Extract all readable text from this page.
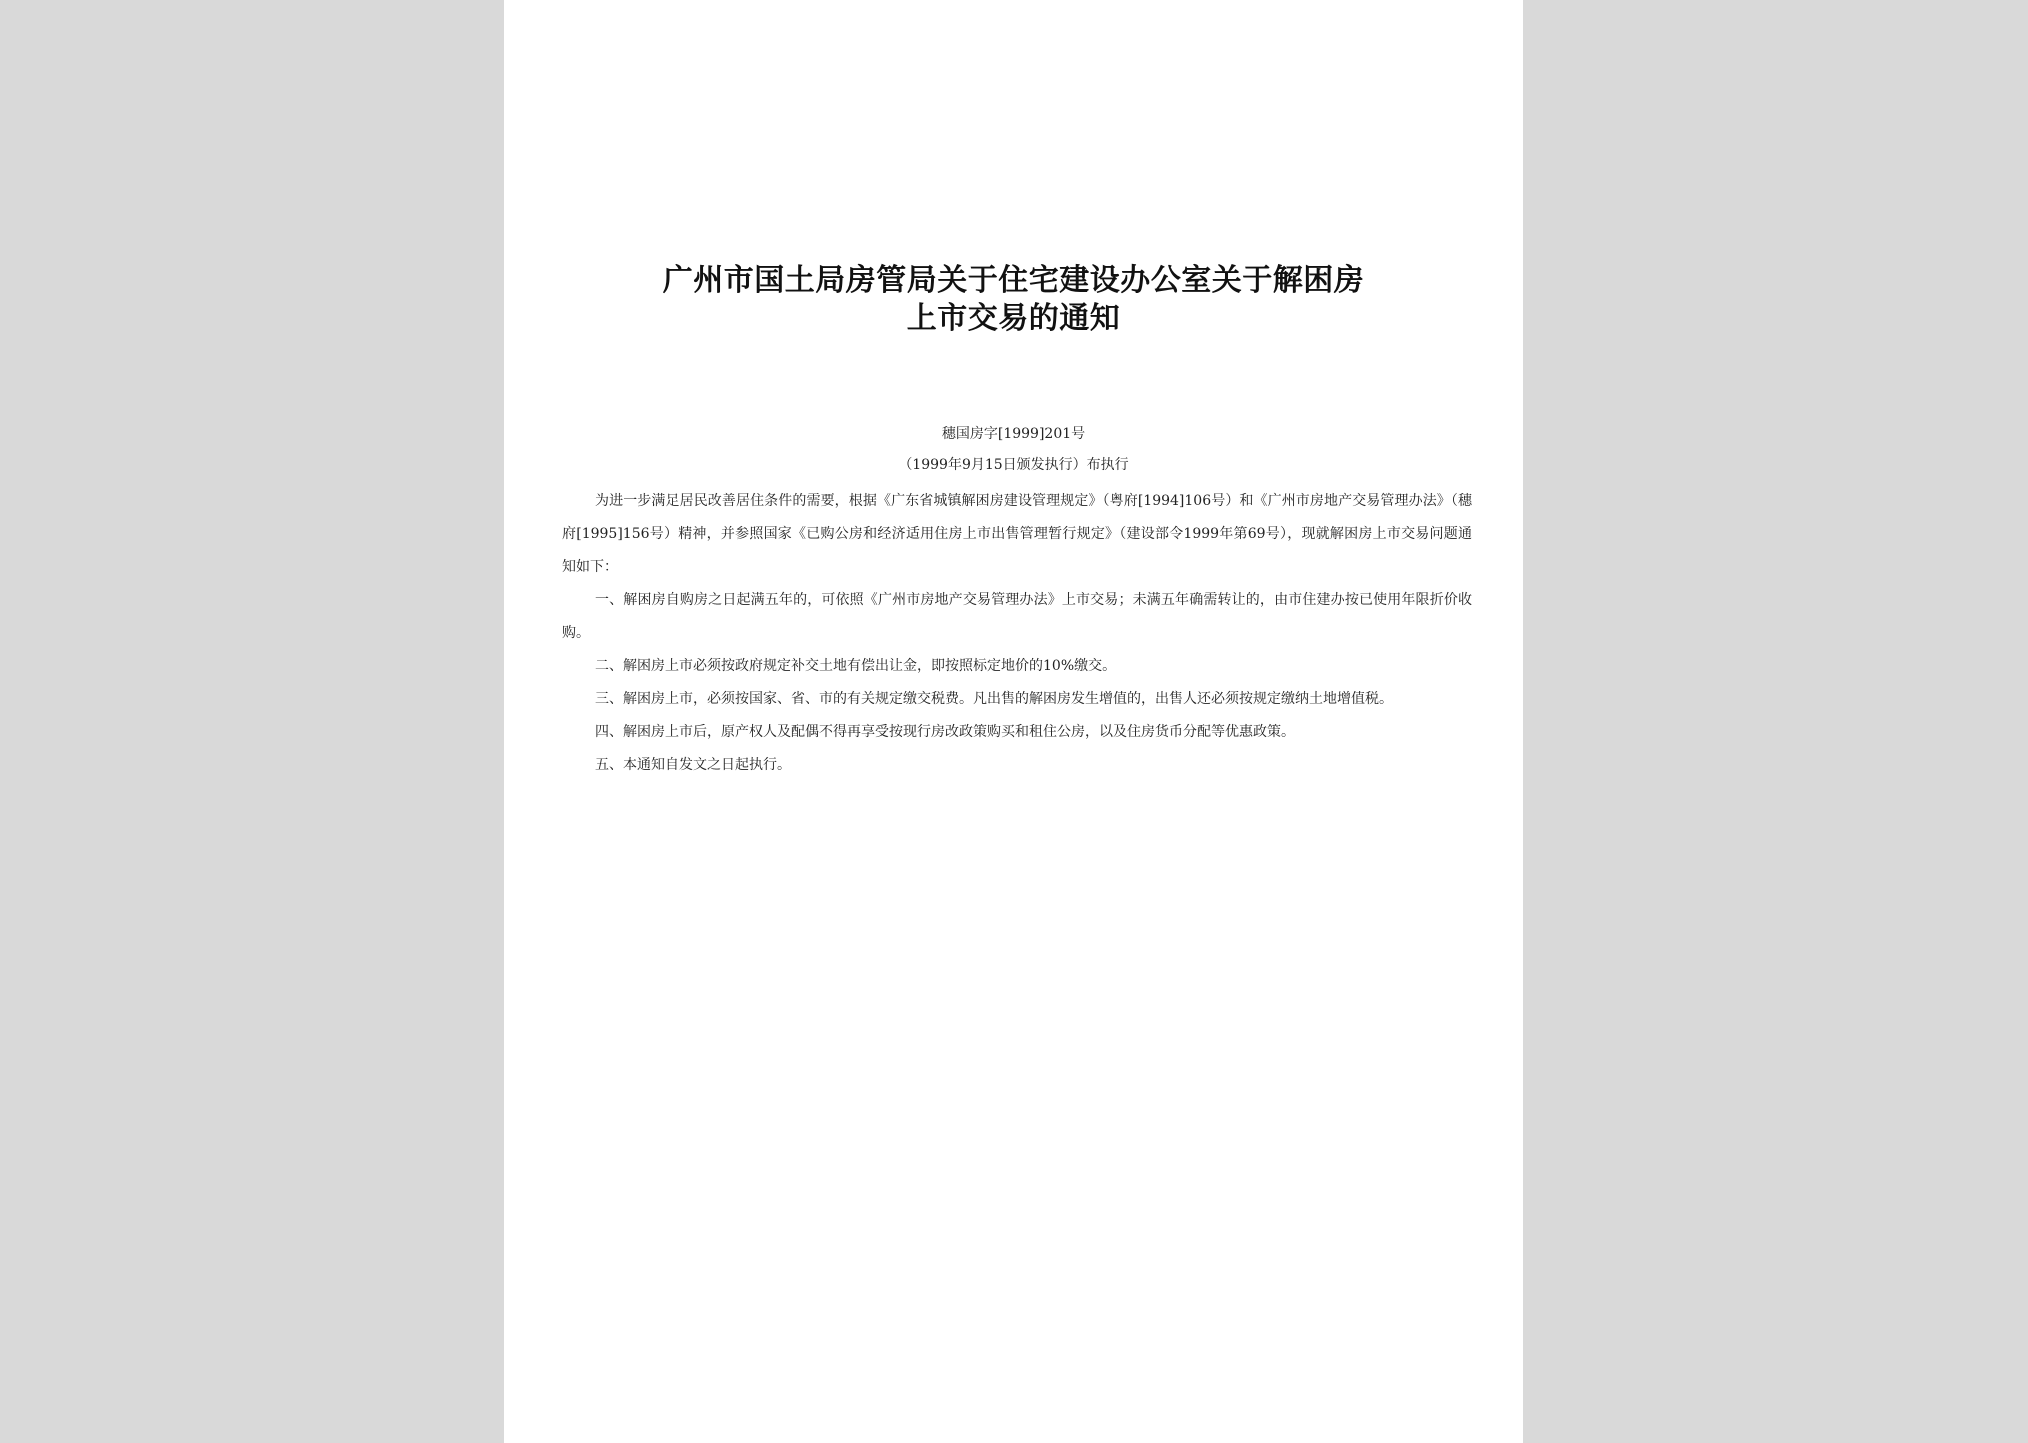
广州市国土局房管局关于住宅建设办公室关于解困房
上市交易的通知
穗国房字[1999]201号
（1999年9月15日颁发执行）布执行

为进一步满足居民改善居住条件的需要，根据《广东省城镇解困房建设管理规定》（粤府[1994]106号）和《广州市房地产交易管理办法》（穗府[1995]156号）精神，并参照国家《已购公房和经济适用住房上市出售管理暂行规定》（建设部令1999年第69号），现就解困房上市交易问题通知如下：

一、解困房自购房之日起满五年的，可依照《广州市房地产交易管理办法》上市交易；未满五年确需转让的，由市住建办按已使用年限折价收购。

二、解困房上市必须按政府规定补交土地有偿出让金，即按照标定地价的10%缴交。

三、解困房上市，必须按国家、省、市的有关规定缴交税费。凡出售的解困房发生增值的，出售人还必须按规定缴纳土地增值税。

四、解困房上市后，原产权人及配偶不得再享受按现行房改政策购买和租住公房，以及住房货币分配等优惠政策。

五、本通知自发文之日起执行。
